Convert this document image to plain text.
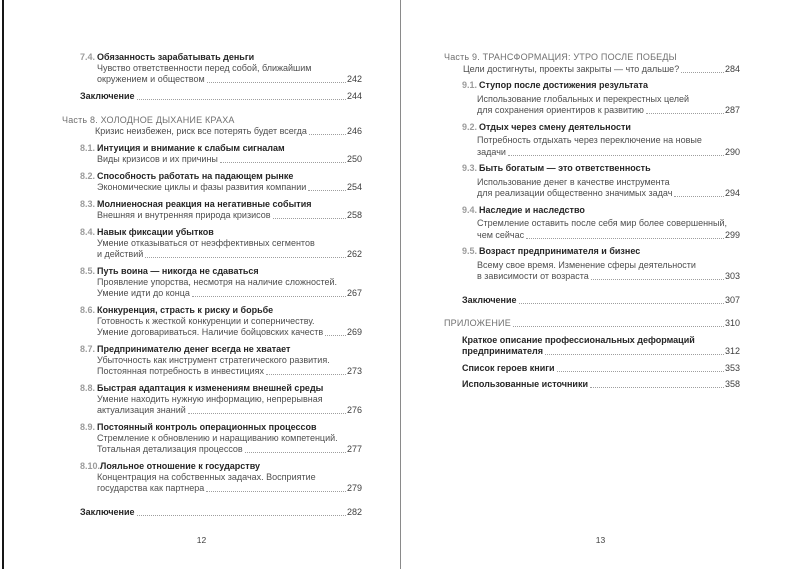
7.4. Обязанность зарабатывать деньги
Чувство ответственности перед собой, ближайшим
окружением и обществом	242
Заключение	244
Часть 8. ХОЛОДНОЕ ДЫХАНИЕ КРАХА
Кризис неизбежен, риск все потерять будет всегда	246
8.1. Интуиция и внимание к слабым сигналам
Виды кризисов и их причины	250
8.2. Способность работать на падающем рынке
Экономические циклы и фазы развития компании	254
8.3. Молниеносная реакция на негативные события
Внешняя и внутренняя природа кризисов	258
8.4. Навык фиксации убытков
Умение отказываться от неэффективных сегментов
и действий	262
8.5. Путь воина — никогда не сдаваться
Проявление упорства, несмотря на наличие сложностей.
Умение идти до конца	267
8.6. Конкуренция, страсть к риску и борьбе
Готовность к жесткой конкуренции и соперничеству.
Умение договариваться. Наличие бойцовских качеств	269
8.7. Предпринимателю денег всегда не хватает
Убыточность как инструмент стратегического развития.
Постоянная потребность в инвестициях	273
8.8. Быстрая адаптация к изменениям внешней среды
Умение находить нужную информацию, непрерывная
актуализация знаний	276
8.9. Постоянный контроль операционных процессов
Стремление к обновлению и наращиванию компетенций.
Тотальная детализация процессов	277
8.10. Лояльное отношение к государству
Концентрация на собственных задачах. Восприятие
государства как партнера	279
Заключение	282
Часть 9. ТРАНСФОРМАЦИЯ: УТРО ПОСЛЕ ПОБЕДЫ
Цели достигнуты, проекты закрыты — что дальше?	284
9.1. Ступор после достижения результата
Использование глобальных и перекрестных целей
для сохранения ориентиров к развитию	287
9.2. Отдых через смену деятельности
Потребность отдыхать через переключение на новые
задачи	290
9.3. Быть богатым — это ответственность
Использование денег в качестве инструмента
для реализации общественно значимых задач	294
9.4. Наследие и наследство
Стремление оставить после себя мир более совершенный,
чем сейчас	299
9.5. Возраст предпринимателя и бизнес
Всему свое время. Изменение сферы деятельности
в зависимости от возраста	303
Заключение	307
ПРИЛОЖЕНИЕ	310
Краткое описание профессиональных деформаций
предпринимателя	312
Список героев книги	353
Использованные источники	358
12	13
